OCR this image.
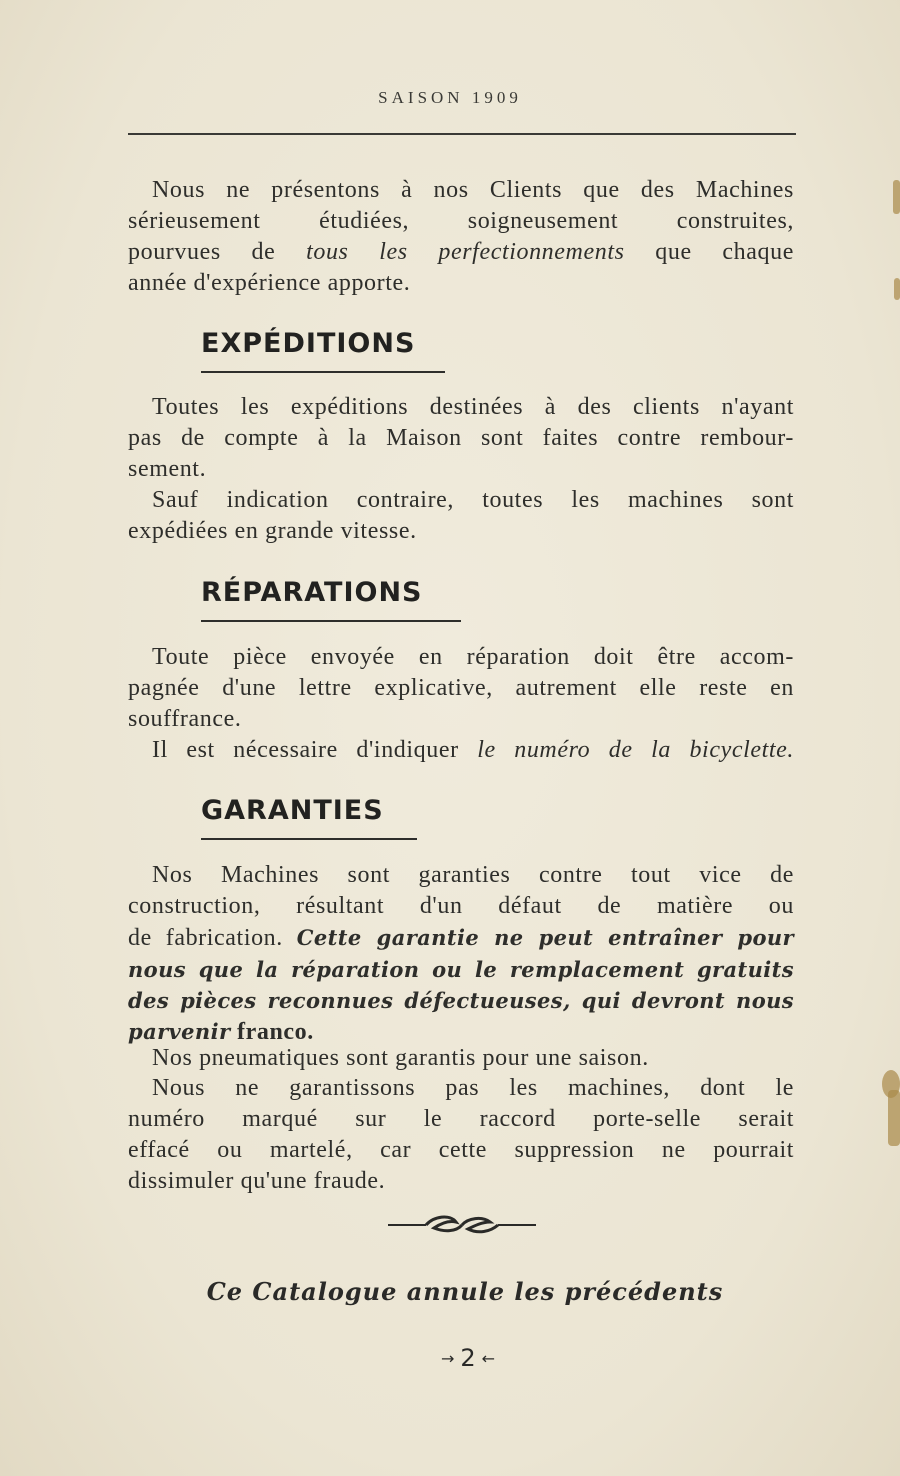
SAISON 1909
Nous ne présentons à nos Clients que des Machines
sérieusement étudiées, soigneusement construites,
pourvues de tous les perfectionnements que chaque
année d'expérience apporte.
EXPÉDITIONS
Toutes les expéditions destinées à des clients n'ayant
pas de compte à la Maison sont faites contre rembour-
sement.
Sauf indication contraire, toutes les machines sont
expédiées en grande vitesse.
RÉPARATIONS
Toute pièce envoyée en réparation doit être accom-
pagnée d'une lettre explicative, autrement elle reste en
souffrance.
Il est nécessaire d'indiquer le numéro de la bicyclette.
GARANTIES
Nos Machines sont garanties contre tout vice de
construction, résultant d'un défaut de matière ou
de fabrication. Cette garantie ne peut entraîner pour
nous que la réparation ou le remplacement gratuits
des pièces reconnues défectueuses, qui devront nous
parvenir franco.
Nos pneumatiques sont garantis pour une saison.
Nous ne garantissons pas les machines, dont le
numéro marqué sur le raccord porte-selle serait
effacé ou martelé, car cette suppression ne pourrait
dissimuler qu'une fraude.
Ce Catalogue annule les précédents
→ 2 ←
